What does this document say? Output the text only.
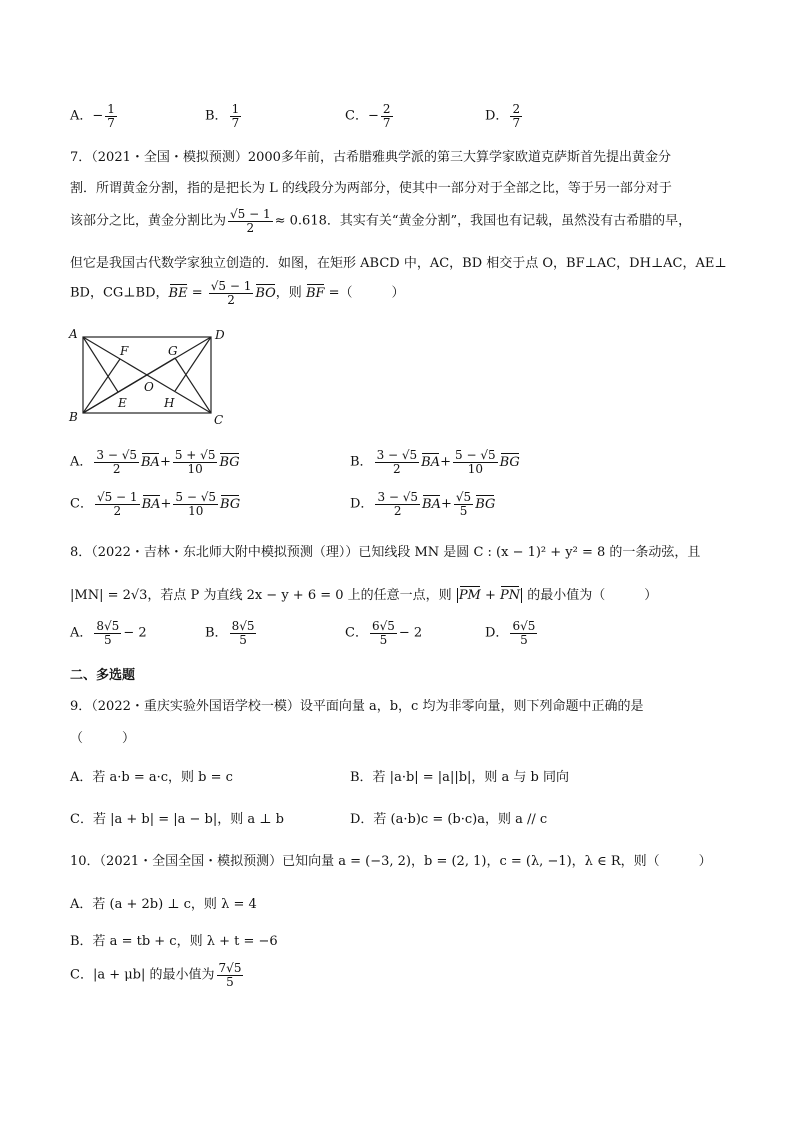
A．− $\frac{1}{7}$	B． $\frac{1}{7}$	C．− $\frac{2}{7}$	D． $\frac{2}{7}$
7．（2021・全国・模拟预测）2000多年前，古希腊雅典学派的第三大算学家欧道克萨斯首先提出黄金分
割．所谓黄金分割，指的是把长为 L 的线段分为两部分，使其中一部分对于全部之比，等于另一部分对于
该部分之比，黄金分割比为 $\frac{√5 - 1}{2} \approx 0.618$．其实有关“黄金分割”，我国也有记载，虽然没有古希腊的早，
但它是我国古代数学家独立创造的．如图，在矩形 ABCD 中，AC，BD 相交于点 O，BF⊥AC，DH⊥AC，AE⊥
BD，CG⊥BD，BE = $\frac{√5 - 1}{2}$ BO，则 BF =（　　　）
A
B	C
D
E
F	G
H
O
A． $\frac{3 - √5}{2} BA+ \frac{5 + √5}{10}$ BG	B． $\frac{3 - √5}{2} BA+ \frac{5 - √5}{10}$ BG
C． $\frac{√5 - 1}{2} BA+ \frac{5 - √5}{10}$ BG	D． $\frac{3 - √5}{2} BA+ \frac{√5}{5}$ BG
8．（2022・吉林・东北师大附中模拟预测（理））已知线段 MN 是圆 C : (x − 1)² + y² = 8 的一条动弦，且
|MN| = 2√3，若点 P 为直线 2x − y + 6 = 0 上的任意一点，则 PM + PN 的最小值为（　　　）
A． $\frac{8√5}{5} - 2$	B． $\frac{8√5}{5}$	C． $\frac{6√5}{5} - 2$	D． $\frac{6√5}{5}$
二、多选题
9．（2022・重庆实验外国语学校一模）设平面向量 a，b，c 均为非零向量，则下列命题中正确的是
（　　　）
A．若 a·b = a·c，则 b = c	B．若 |a·b| = |a||b|，则 a 与 b 同向
C．若 |a + b| = |a − b|，则 a ⊥ b	D．若 (a·b)c = (b·c)a，则 a // c
10．（2021・全国全国・模拟预测）已知向量 a = (−3, 2)，b = (2, 1)，c = (λ, −1)，λ ∈ R，则（　　　）
A．若 (a + 2b) ⊥ c，则 λ = 4
B．若 a = tb + c，则 λ + t = −6
C．|a + μb| 的最小值为 $\frac{7√5}{5}$
